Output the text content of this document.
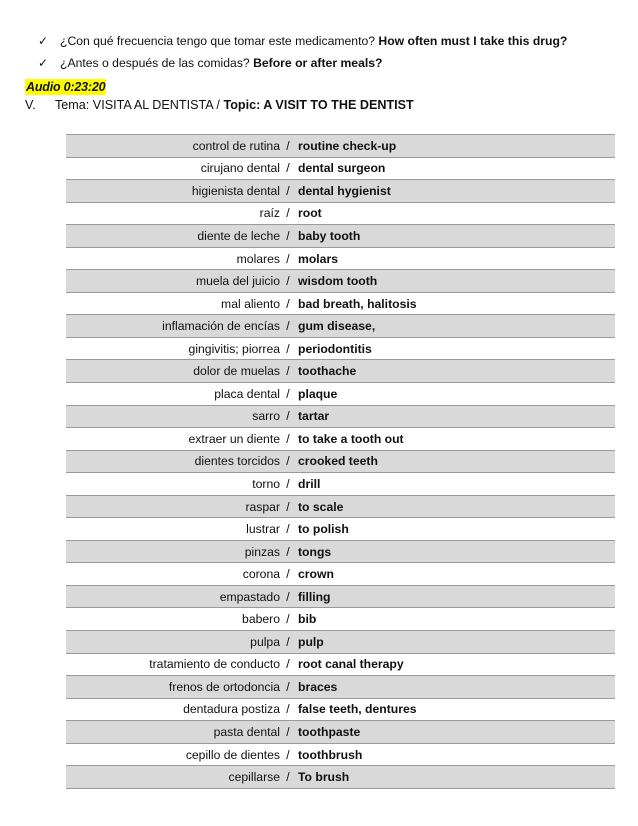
✓ ¿Con qué frecuencia tengo que tomar este medicamento?
How often must I take this drug?
✓ ¿Antes o después de las comidas?
Before or after meals?
Audio 0:23:20
V.	Tema: VISITA AL DENTISTA /
Topic: A VISIT TO THE DENTIST
control de rutina	/	routine check-up
cirujano dental	/	dental surgeon
higienista dental	/	dental hygienist
raíz	/	root
diente de leche	/	baby tooth
molares	/	molars
muela del juicio	/	wisdom tooth
mal aliento	/	bad breath, halitosis
inflamación de encías	/	gum disease,
gingivitis; piorrea	/	periodontitis
dolor de muelas	/	toothache
placa dental	/	plaque
sarro	/	tartar
extraer un diente	/	to take a tooth out
dientes torcidos	/	crooked teeth
torno	/	drill
raspar	/	to scale
lustrar	/	to polish
pinzas	/	tongs
corona	/	crown
empastado	/	filling
babero	/	bib
pulpa	/	pulp
tratamiento de conducto	/	root canal therapy
frenos de ortodoncia	/	braces
dentadura postiza	/	false teeth, dentures
pasta dental	/	toothpaste
cepillo de dientes	/	toothbrush
cepillarse	/	To brush
